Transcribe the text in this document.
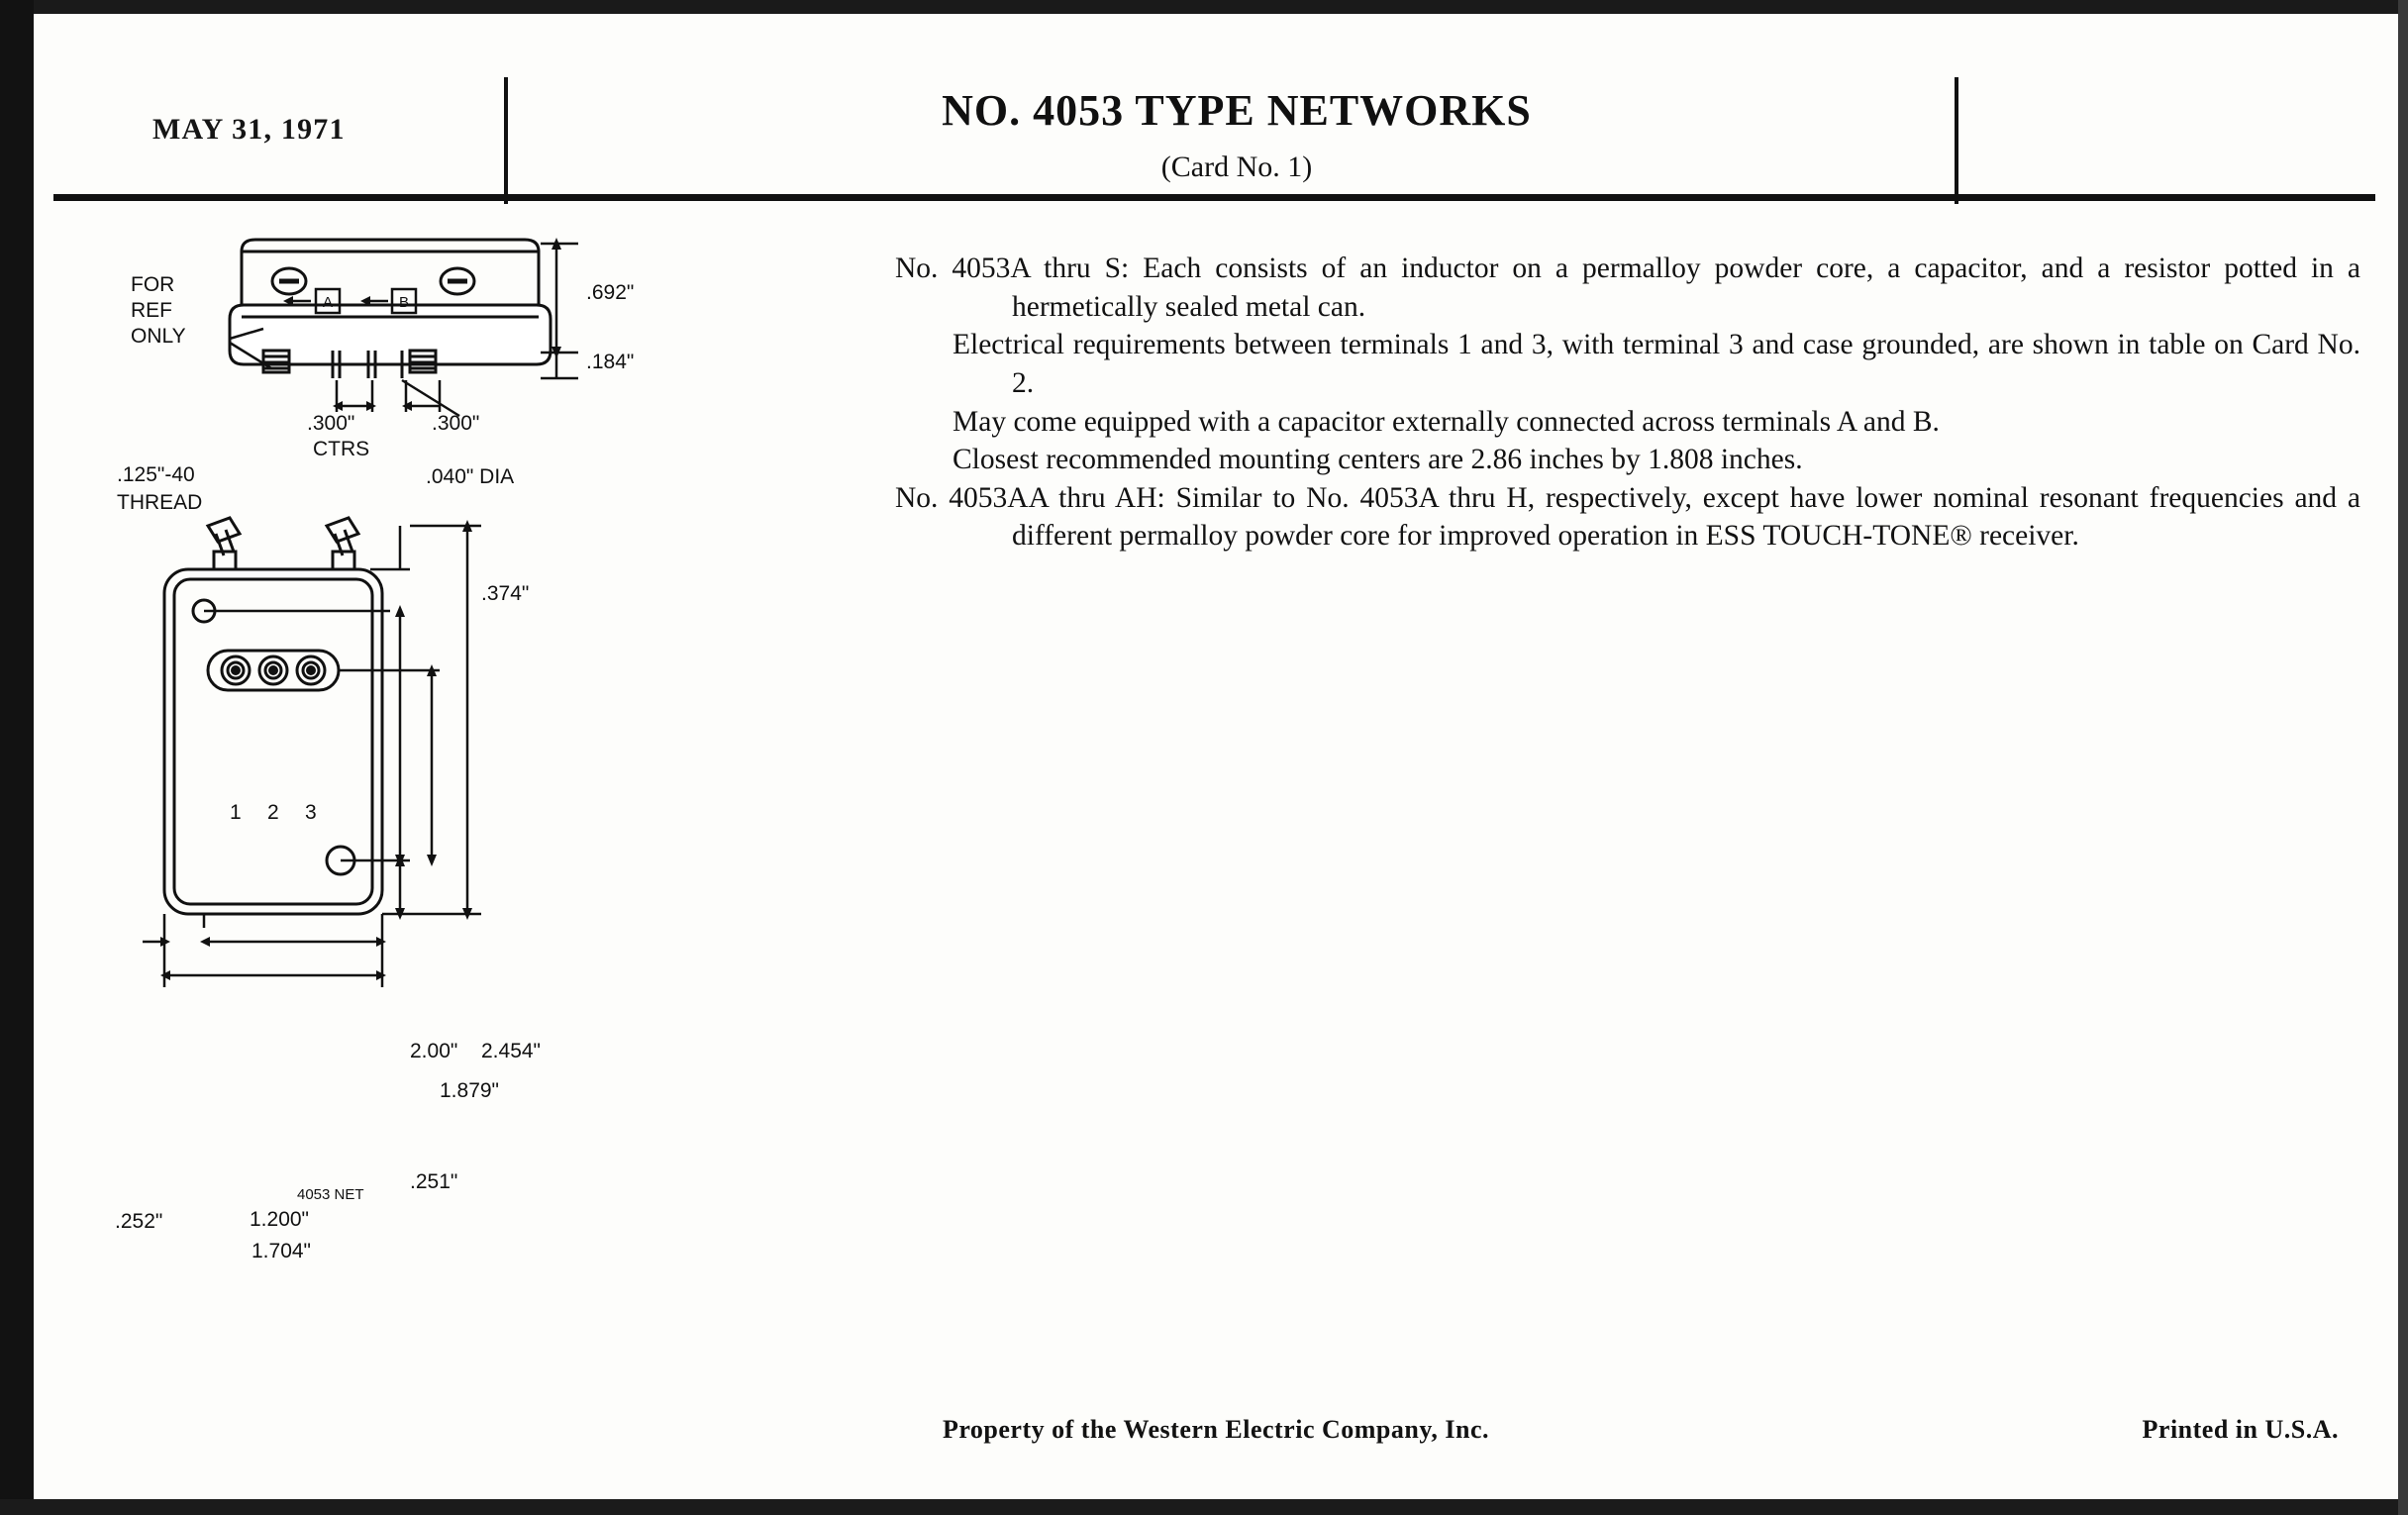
MAY 31, 1971	NO. 4053 TYPE NETWORKS
(Card No. 1)
No. 4053A thru S: Each consists of an inductor on a permalloy powder core, a capacitor, and a resistor potted in a hermetically sealed metal can.
Electrical requirements between terminals 1 and 3, with terminal 3 and case grounded, are shown in table on Card No. 2.
May come equipped with a capacitor externally connected across terminals A and B.
Closest recommended mounting centers are 2.86 inches by 1.808 inches.
No. 4053AA thru AH: Similar to No. 4053A thru H, respectively, except have lower nominal resonant frequencies and a different permalloy powder core for improved operation in ESS TOUCH-TONE® receiver.
FOR
REF
ONLY
.125"-40
THREAD
A	B	.692"
.184"
.300"
CTRS
.300"
.040" DIA
.374"
2.00" 2.454"
1.879"
.251"
.252"	1.200"
1.704"
4053 NET
1 2 3
Property of the Western Electric Company, Inc.	Printed in U.S.A.
